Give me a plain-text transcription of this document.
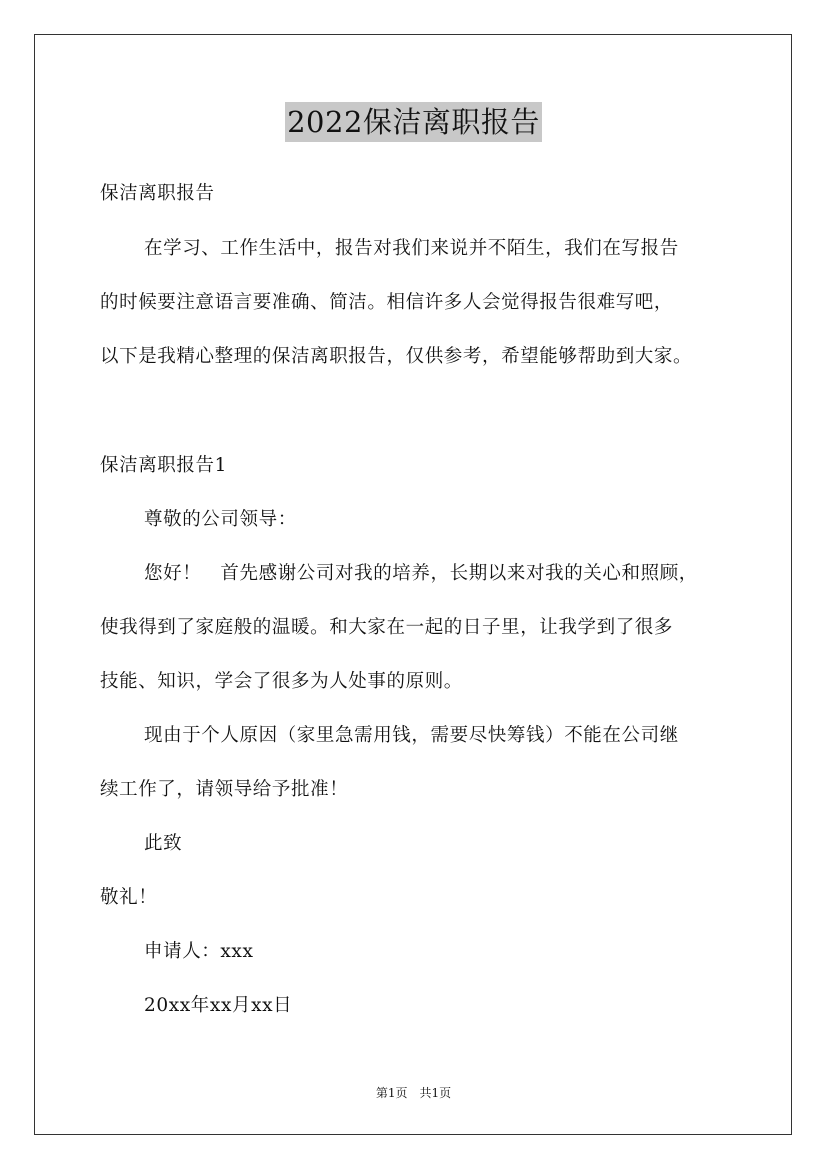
2022保洁离职报告
保洁离职报告
在学习、工作生活中，报告对我们来说并不陌生，我们在写报告
的时候要注意语言要准确、简洁。相信许多人会觉得报告很难写吧，
以下是我精心整理的保洁离职报告，仅供参考，希望能够帮助到大家。
保洁离职报告1
尊敬的公司领导：
您好！　首先感谢公司对我的培养，长期以来对我的关心和照顾，
使我得到了家庭般的温暖。和大家在一起的日子里，让我学到了很多
技能、知识，学会了很多为人处事的原则。
现由于个人原因（家里急需用钱，需要尽快筹钱）不能在公司继
续工作了，请领导给予批准！
此致
敬礼！
申请人：xxx
20xx年xx月xx日
第1页　共1页
